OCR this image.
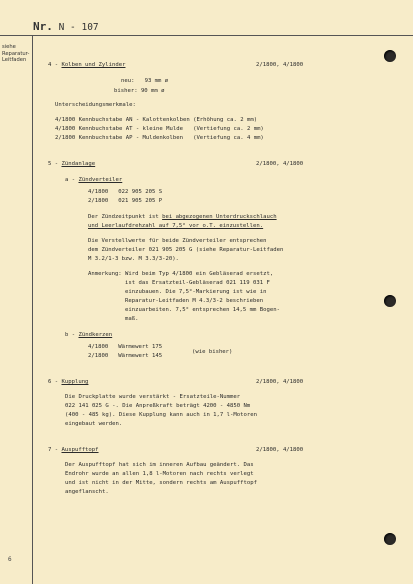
Nr. N - 107
siehe
Reparatur-
Leitfaden
4 - Kolben und Zylinder	2/1800, 4/1800
neu:   93 mm ø
bisher: 90 mm ø
Unterscheidungsmerkmale:
4/1800 Kennbuchstabe AN - Kalottenkolben (Erhöhung ca. 2 mm)
4/1800 Kennbuchstabe AT - kleine Mulde   (Vertiefung ca. 2 mm)
2/1800 Kennbuchstabe AP - Muldenkolben   (Vertiefung ca. 4 mm)
5 - Zündanlage	2/1800, 4/1800
a - Zündverteiler
4/1800   022 905 205 S
2/1800   021 905 205 P
Der Zündzeitpunkt ist bei abgezogenen Unterdruckschlauch
und Leerlaufdrehzahl auf 7,5° vor o.T. einzustellen.
Die Verstellwerte für beide Zündverteiler entsprechen
dem Zündverteiler 021 905 205 G (siehe Reparatur-Leitfaden
M 3.2/1-3 bzw. M 3.3/3-20).
Anmerkung: Wird beim Typ 4/1800 ein Gebläserad ersetzt,
ist das Ersatzteil-Gebläserad 021 119 031 F
einzubauen. Die 7,5°-Markierung ist wie in
Reparatur-Leitfaden M 4.3/3-2 beschrieben
einzuarbeiten. 7,5° entsprechen 14,5 mm Bogen-
maß.
b - Zündkerzen
4/1800   Wärmewert 175
2/1800   Wärmewert 145
(wie bisher)
6 - Kupplung	2/1800, 4/1800
Die Druckplatte wurde verstärkt - Ersatzteile-Nummer
022 141 025 G -. Die Anpreßkraft beträgt 4200 - 4850 Nm
(400 - 485 kg). Diese Kupplung kann auch in 1,7 l-Motoren
eingebaut werden.
7 - Auspufftopf	2/1800, 4/1800
Der Auspufftopf hat sich im inneren Aufbau geändert. Das
Endrohr wurde an allen 1,8 l-Motoren nach rechts verlegt
und ist nicht in der Mitte, sondern rechts am Auspufftopf
angeflanscht.
6
